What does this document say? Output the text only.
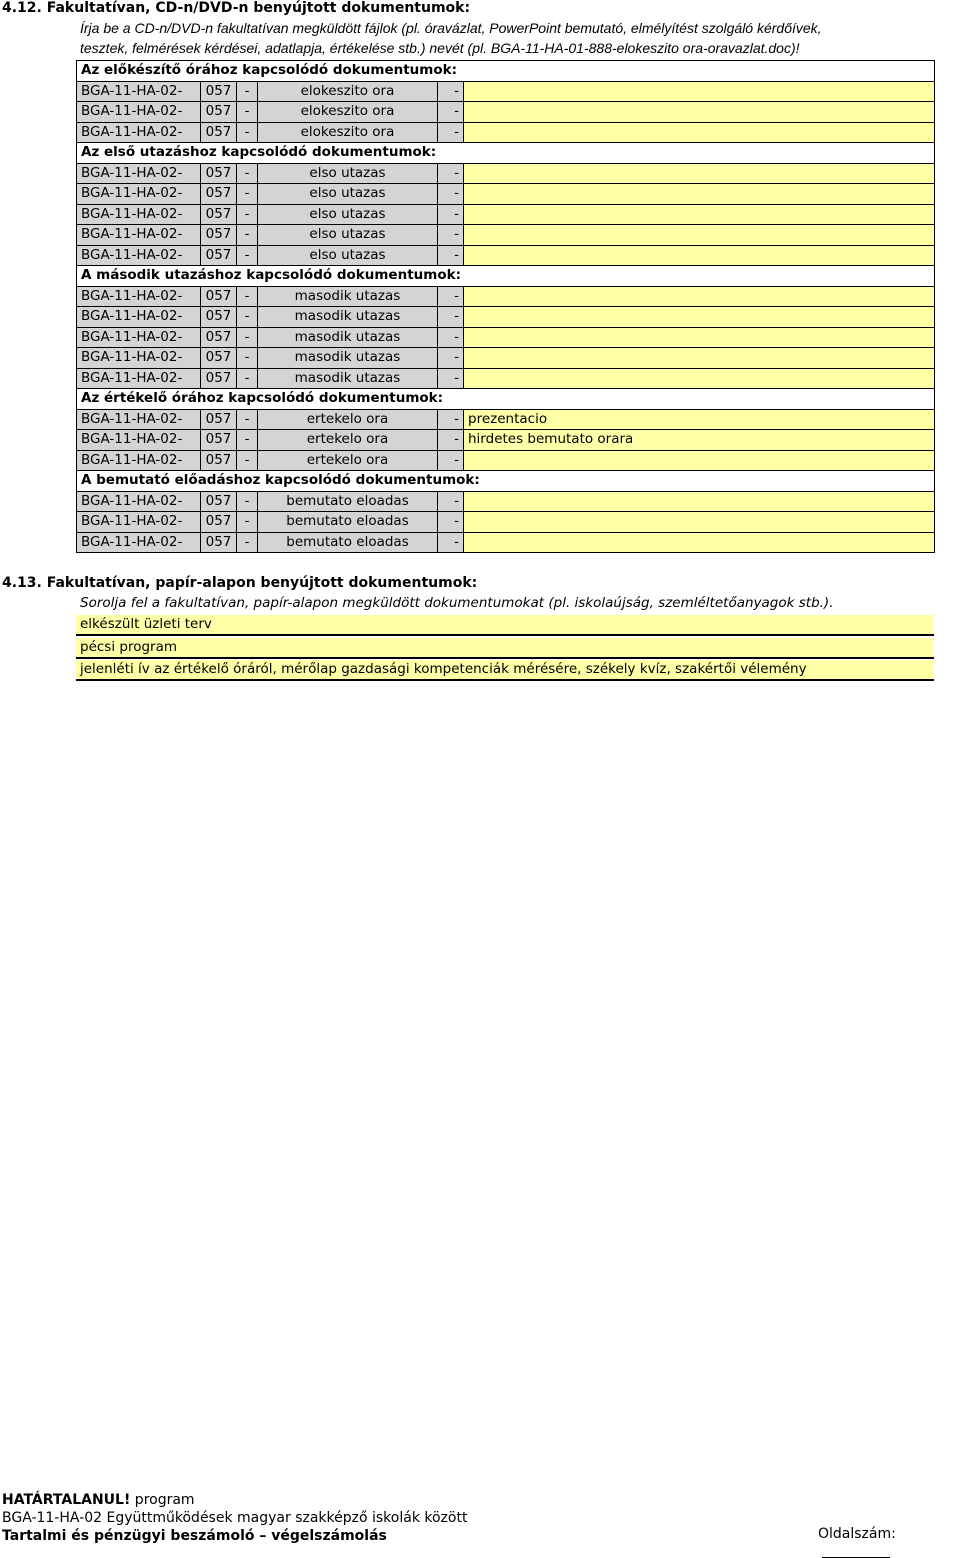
4.12. Fakultatívan, CD-n/DVD-n benyújtott dokumentumok:
Írja be a CD-n/DVD-n fakultatívan megküldött fájlok (pl. óravázlat, PowerPoint bemutató, elmélyítést szolgáló kérdőívek,
tesztek, felmérések kérdései, adatlapja, értékelése stb.) nevét (pl. BGA-11-HA-01-888-elokeszito ora-oravazlat.doc)!
Az előkészítő órához kapcsolódó dokumentumok:					
BGA-11-HA-02-	057	-	elokeszito ora	-	
BGA-11-HA-02-	057	-	elokeszito ora	-	
BGA-11-HA-02-	057	-	elokeszito ora	-	
Az első utazáshoz kapcsolódó dokumentumok:					
BGA-11-HA-02-	057	-	elso utazas	-	
BGA-11-HA-02-	057	-	elso utazas	-	
BGA-11-HA-02-	057	-	elso utazas	-	
BGA-11-HA-02-	057	-	elso utazas	-	
BGA-11-HA-02-	057	-	elso utazas	-	
A második utazáshoz kapcsolódó dokumentumok:					
BGA-11-HA-02-	057	-	masodik utazas	-	
BGA-11-HA-02-	057	-	masodik utazas	-	
BGA-11-HA-02-	057	-	masodik utazas	-	
BGA-11-HA-02-	057	-	masodik utazas	-	
BGA-11-HA-02-	057	-	masodik utazas	-	
Az értékelő órához kapcsolódó dokumentumok:					
BGA-11-HA-02-	057	-	ertekelo ora	-	prezentacio
BGA-11-HA-02-	057	-	ertekelo ora	-	hirdetes bemutato orara
BGA-11-HA-02-	057	-	ertekelo ora	-	
A bemutató előadáshoz kapcsolódó dokumentumok:					
BGA-11-HA-02-	057	-	bemutato eloadas	-	
BGA-11-HA-02-	057	-	bemutato eloadas	-	
BGA-11-HA-02-	057	-	bemutato eloadas	-	
4.13. Fakultatívan, papír-alapon benyújtott dokumentumok:
Sorolja fel a fakultatívan, papír-alapon megküldött dokumentumokat (pl. iskolaújság, szemléltetőanyagok stb.).
elkészült üzleti terv
pécsi program
jelenléti ív az értékelő óráról, mérőlap gazdasági kompetenciák mérésére, székely kvíz, szakértői vélemény
HATÁRTALANUL! program
BGA-11-HA-02 Együttműködések magyar szakképző iskolák között
Tartalmi és pénzügyi beszámoló – végelszámolás	Oldalszám:
